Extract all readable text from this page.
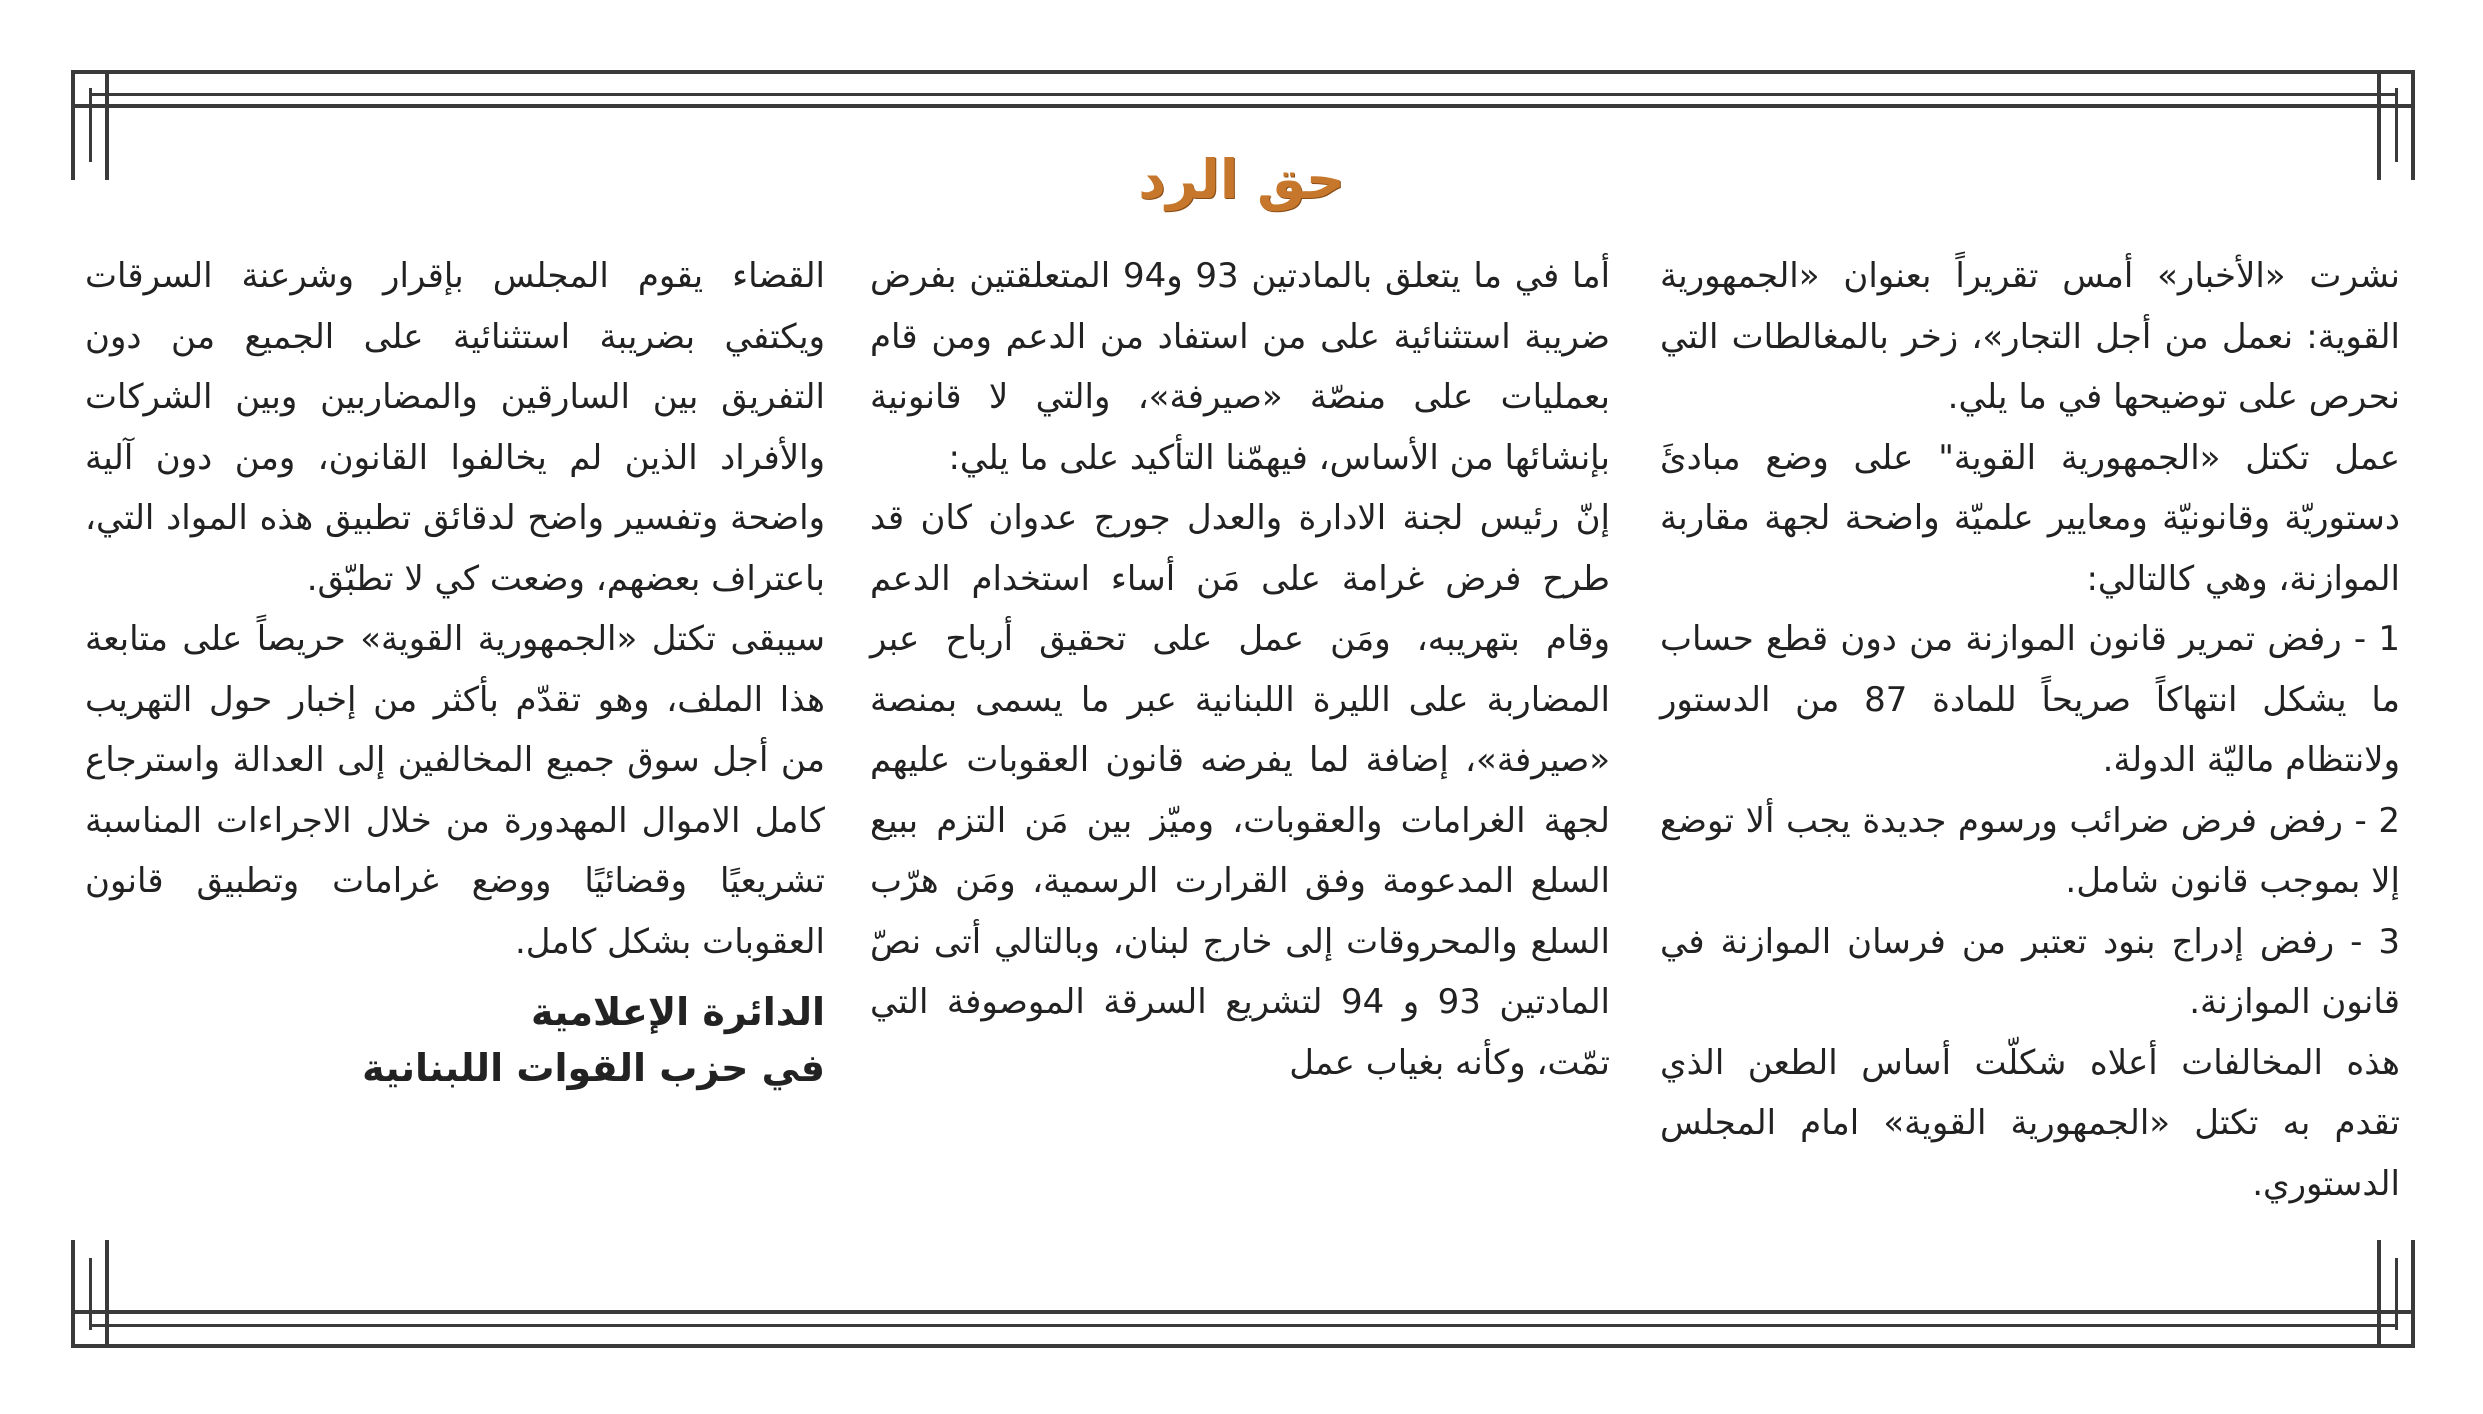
حق الرد

نشرت «الأخبار» أمس تقريراً بعنوان «الجمهورية القوية: نعمل من أجل التجار»، زخر بالمغالطات التي نحرص على توضيحها في ما يلي.

عمل تكتل «الجمهورية القوية" على وضع مبادئَ دستوريّة وقانونيّة ومعايير علميّة واضحة لجهة مقاربة الموازنة، وهي كالتالي:

1 - رفض تمرير قانون الموازنة من دون قطع حساب ما يشكل انتهاكاً صريحاً للمادة 87 من الدستور ولانتظام ماليّة الدولة.

2 - رفض فرض ضرائب ورسوم جديدة يجب ألا توضع إلا بموجب قانون شامل.

3 - رفض إدراج بنود تعتبر من فرسان الموازنة في قانون الموازنة.

هذه المخالفات أعلاه شكلّت أساس الطعن الذي تقدم به تكتل «الجمهورية القوية» امام المجلس الدستوري.

أما في ما يتعلق بالمادتين 93 و94 المتعلقتين بفرض ضريبة استثنائية على من استفاد من الدعم ومن قام بعمليات على منصّة «صيرفة»، والتي لا قانونية بإنشائها من الأساس، فيهمّنا التأكيد على ما يلي:

إنّ رئيس لجنة الادارة والعدل جورج عدوان كان قد طرح فرض غرامة على مَن أساء استخدام الدعم وقام بتهريبه، ومَن عمل على تحقيق أرباح عبر المضاربة على الليرة اللبنانية عبر ما يسمى بمنصة «صيرفة»، إضافة لما يفرضه قانون العقوبات عليهم لجهة الغرامات والعقوبات، وميّز بين مَن التزم ببيع السلع المدعومة وفق القرارت الرسمية، ومَن هرّب السلع والمحروقات إلى خارج لبنان، وبالتالي أتى نصّ المادتين 93 و 94 لتشريع السرقة الموصوفة التي تمّت، وكأنه بغياب عمل

القضاء يقوم المجلس بإقرار وشرعنة السرقات ويكتفي بضريبة استثنائية على الجميع من دون التفريق بين السارقين والمضاربين وبين الشركات والأفراد الذين لم يخالفوا القانون، ومن دون آلية واضحة وتفسير واضح لدقائق تطبيق هذه المواد التي، باعتراف بعضهم، وضعت كي لا تطبّق.

سيبقى تكتل «الجمهورية القوية» حريصاً على متابعة هذا الملف، وهو تقدّم بأكثر من إخبار حول التهريب من أجل سوق جميع المخالفين إلى العدالة واسترجاع كامل الاموال المهدورة من خلال الاجراءات المناسبة تشريعيًا وقضائيًا ووضع غرامات وتطبيق قانون العقوبات بشكل كامل.

الدائرة الإعلامية
في حزب القوات اللبنانية
